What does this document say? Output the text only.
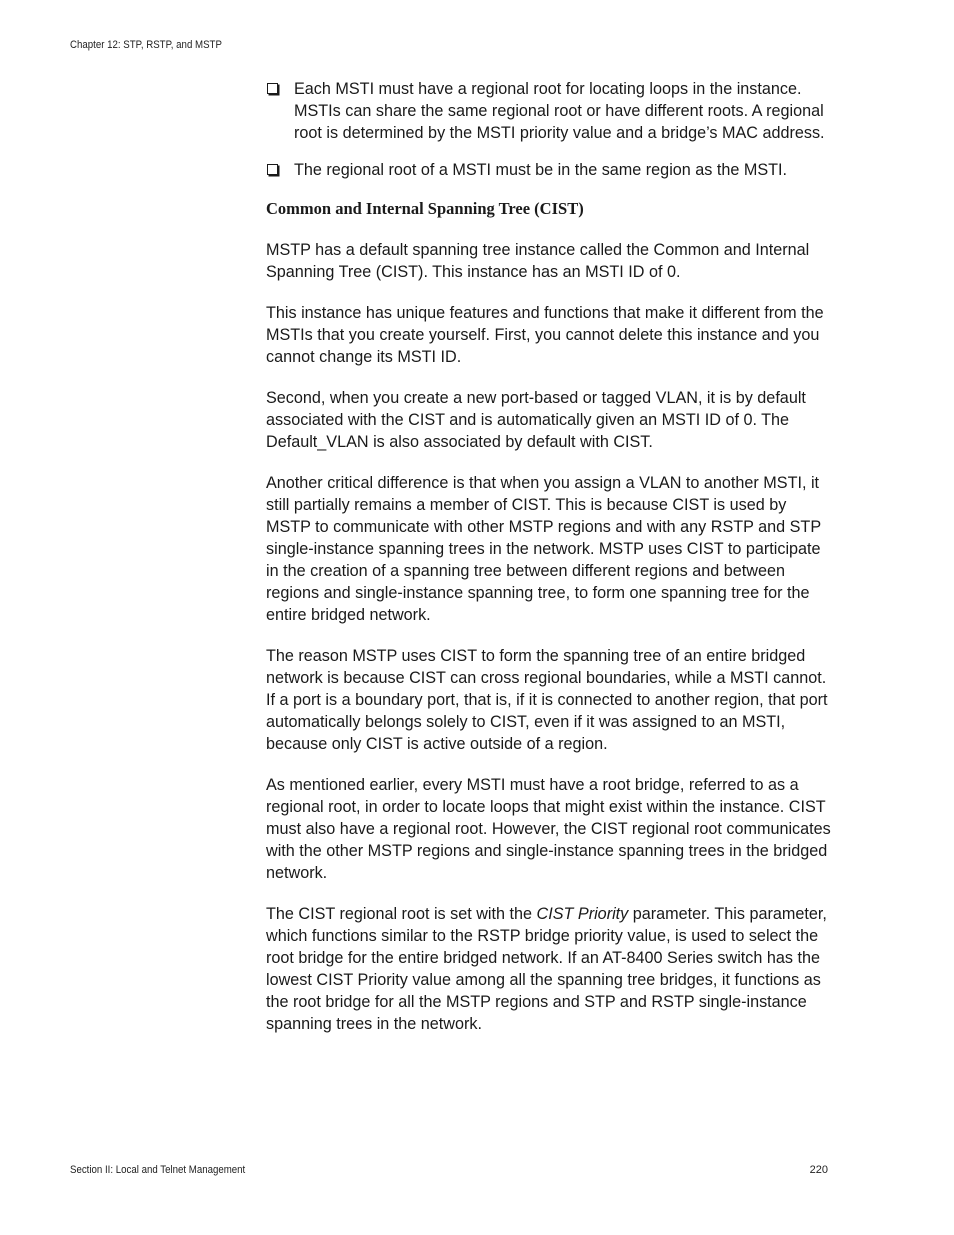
Chapter 12: STP, RSTP, and MSTP
Each MSTI must have a regional root for locating loops in the instance. MSTIs can share the same regional root or have different roots. A regional root is determined by the MSTI priority value and a bridge’s MAC address.
The regional root of a MSTI must be in the same region as the MSTI.
Common and Internal Spanning Tree (CIST)

MSTP has a default spanning tree instance called the Common and Internal Spanning Tree (CIST). This instance has an MSTI ID of 0.

This instance has unique features and functions that make it different from the MSTIs that you create yourself. First, you cannot delete this instance and you cannot change its MSTI ID.

Second, when you create a new port-based or tagged VLAN, it is by default associated with the CIST and is automatically given an MSTI ID of 0. The Default_VLAN is also associated by default with CIST.

Another critical difference is that when you assign a VLAN to another MSTI, it still partially remains a member of CIST. This is because CIST is used by MSTP to communicate with other MSTP regions and with any RSTP and STP single-instance spanning trees in the network. MSTP uses CIST to participate in the creation of a spanning tree between different regions and between regions and single-instance spanning tree, to form one spanning tree for the entire bridged network.

The reason MSTP uses CIST to form the spanning tree of an entire bridged network is because CIST can cross regional boundaries, while a MSTI cannot. If a port is a boundary port, that is, if it is connected to another region, that port automatically belongs solely to CIST, even if it was assigned to an MSTI, because only CIST is active outside of a region.

As mentioned earlier, every MSTI must have a root bridge, referred to as a regional root, in order to locate loops that might exist within the instance. CIST must also have a regional root. However, the CIST regional root communicates with the other MSTP regions and single-instance spanning trees in the bridged network.

The CIST regional root is set with the CIST Priority parameter. This parameter, which functions similar to the RSTP bridge priority value, is used to select the root bridge for the entire bridged network. If an AT-8400 Series switch has the lowest CIST Priority value among all the spanning tree bridges, it functions as the root bridge for all the MSTP regions and STP and RSTP single-instance spanning trees in the network.

Section II: Local and Telnet Management	220
